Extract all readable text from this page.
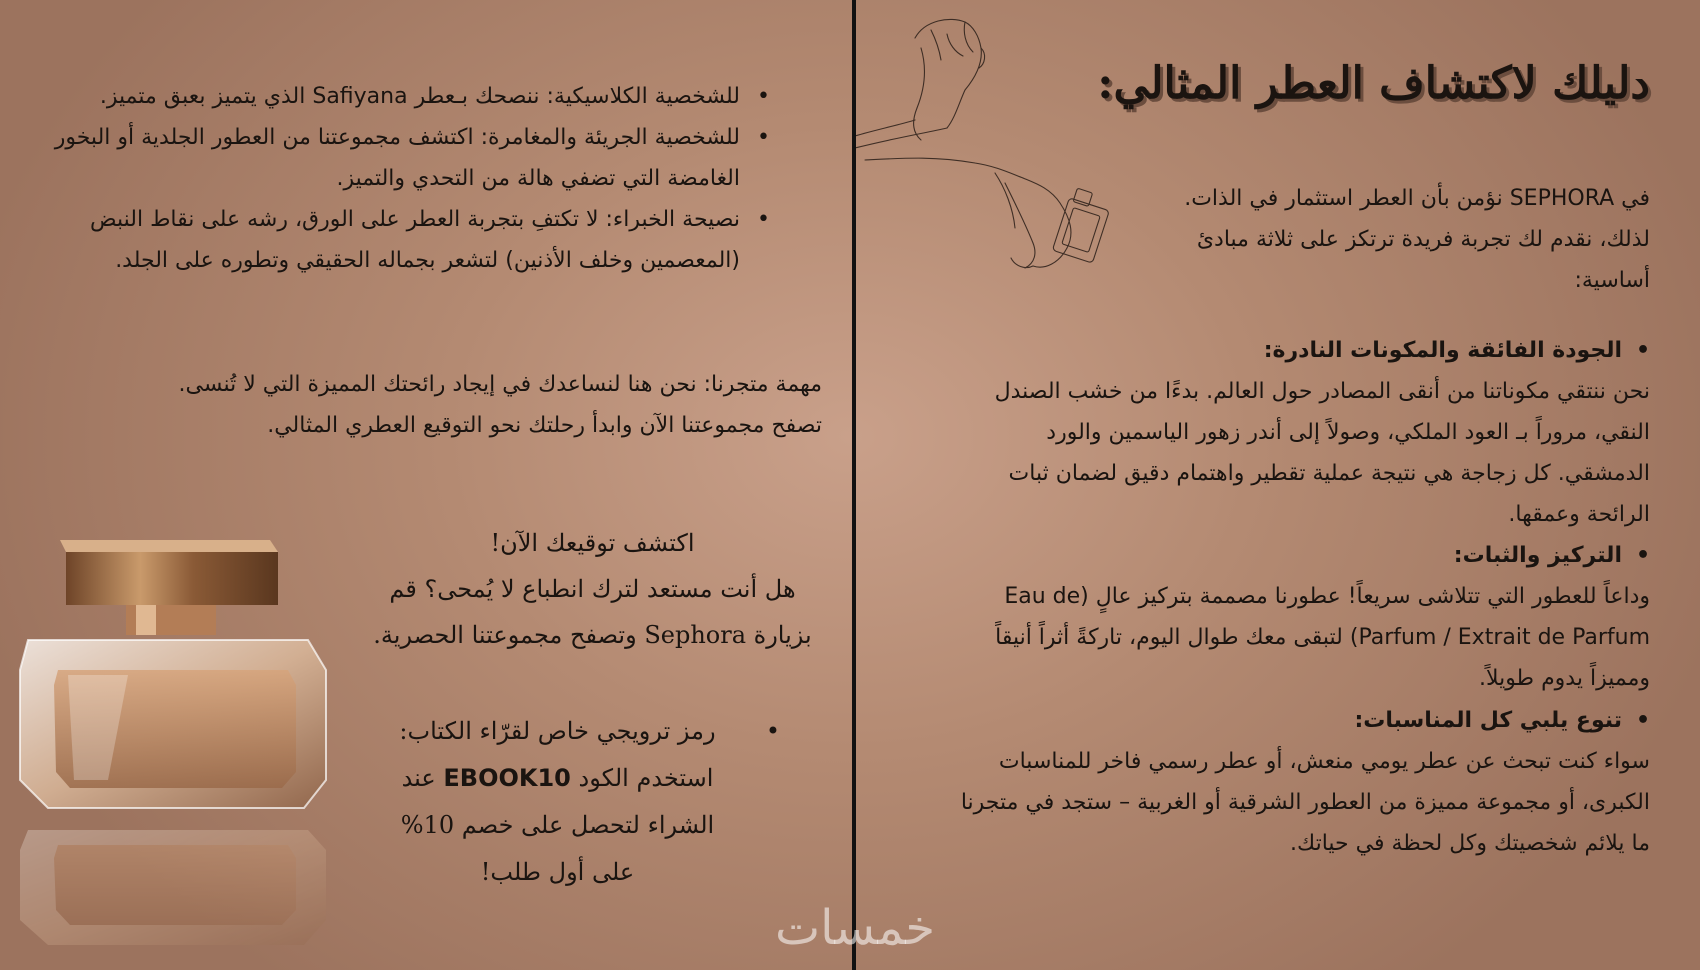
دليلك لاكتشاف العطر المثالي:

في SEPHORA نؤمن بأن العطر استثمار في الذات. لذلك، نقدم لك تجربة فريدة ترتكز على ثلاثة مبادئ أساسية:

• الجودة الفائقة والمكونات النادرة:

نحن ننتقي مكوناتنا من أنقى المصادر حول العالم. بدءًا من خشب الصندل النقي، مروراً بـ العود الملكي، وصولاً إلى أندر زهور الياسمين والورد الدمشقي. كل زجاجة هي نتيجة عملية تقطير واهتمام دقيق لضمان ثبات الرائحة وعمقها.

• التركيز والثبات:

وداعاً للعطور التي تتلاشى سريعاً! عطورنا مصممة بتركيز عالٍ (Eau de Parfum / Extrait de Parfum) لتبقى معك طوال اليوم، تاركةً أثراً أنيقاً ومميزاً يدوم طويلاً.

• تنوع يلبي كل المناسبات:

سواء كنت تبحث عن عطر يومي منعش، أو عطر رسمي فاخر للمناسبات الكبرى، أو مجموعة مميزة من العطور الشرقية أو الغربية – ستجد في متجرنا ما يلائم شخصيتك وكل لحظة في حياتك.

• للشخصية الكلاسيكية: ننصحك بـعطر Safiyana الذي يتميز بعبق متميز.
• للشخصية الجريئة والمغامرة: اكتشف مجموعتنا من العطور الجلدية أو البخور الغامضة التي تضفي هالة من التحدي والتميز.
• نصيحة الخبراء: لا تكتفِ بتجربة العطر على الورق، رشه على نقاط النبض (المعصمين وخلف الأذنين) لتشعر بجماله الحقيقي وتطوره على الجلد.

مهمة متجرنا: نحن هنا لنساعدك في إيجاد رائحتك المميزة التي لا تُنسى.
تصفح مجموعتنا الآن وابدأ رحلتك نحو التوقيع العطري المثالي.

اكتشف توقيعك الآن!
هل أنت مستعد لترك انطباع لا يُمحى؟ قم بزيارة Sephora وتصفح مجموعتنا الحصرية.
• رمز ترويجي خاص لقرّاء الكتاب: استخدم الكود EBOOK10 عند الشراء لتحصل على خصم 10% على أول طلب!
خمسات
